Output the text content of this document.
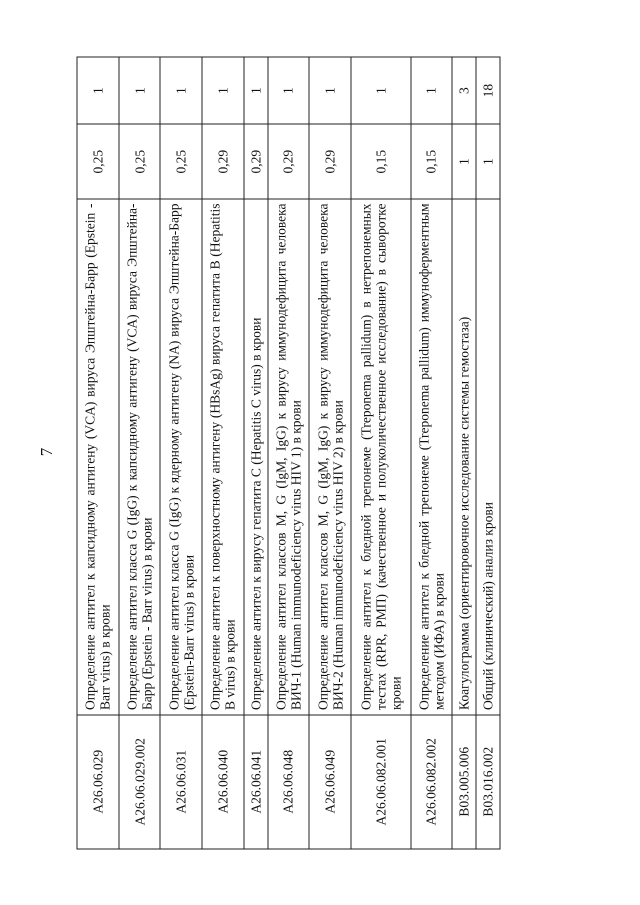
7
A26.06.029	Определение антител к капсидному антигену (VCA) вируса Эпштейна-Барр (Epstein - Barr virus) в крови	0,25	1
A26.06.029.002	Определение антител класса G (IgG) к капсидному антигену (VCA) вируса Эпштейна-Барр (Epstein - Barr virus) в крови	0,25	1
A26.06.031	Определение антител класса G (IgG) к ядерному антигену (NA) вируса Эпштейна-Барр (Epstein-Barr virus) в крови	0,25	1
A26.06.040	Определение антител к поверхностному антигену (HBsAg) вируса гепатита B (Hepatitis B virus) в крови	0,29	1
A26.06.041	Определение антител к вирусу гепатита C (Hepatitis C virus) в крови	0,29	1
A26.06.048	Определение антител классов M, G (IgM, IgG) к вирусу иммунодефицита человека ВИЧ-1 (Human immunodeficiency virus HIV 1) в крови	0,29	1
A26.06.049	Определение антител классов M, G (IgM, IgG) к вирусу иммунодефицита человека ВИЧ-2 (Human immunodeficiency virus HIV 2) в крови	0,29	1
A26.06.082.001	Определение антител к бледной трепонеме (Treponema pallidum) в нетрепонемных тестах (RPR, РМП) (качественное и полуколичественное исследование) в сыворотке крови	0,15	1
A26.06.082.002	Определение антител к бледной трепонеме (Treponema pallidum) иммуноферментным методом (ИФА) в крови	0,15	1
B03.005.006	Коагулограмма (ориентировочное исследование системы гемостаза)	1	3
B03.016.002	Общий (клинический) анализ крови	1	18
